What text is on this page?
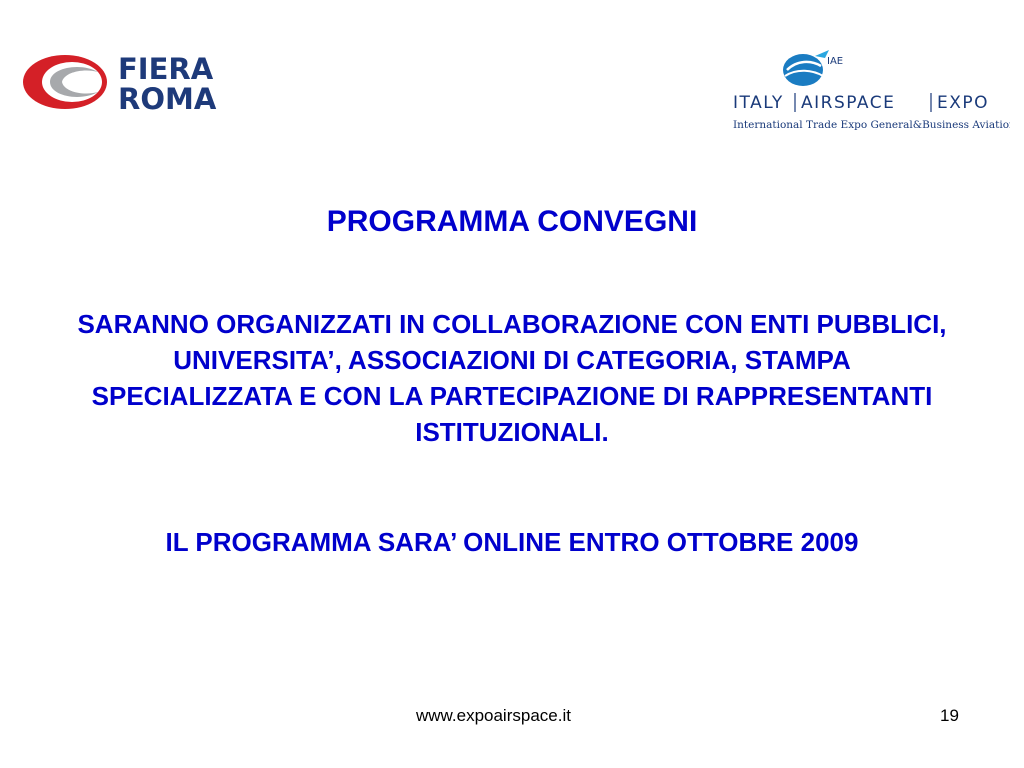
FIERA
ROMA
IAE
ITALY AIRSPACE EXPO
International Trade Expo General&Business Aviation
PROGRAMMA CONVEGNI

SARANNO ORGANIZZATI IN COLLABORAZIONE CON ENTI PUBBLICI, UNIVERSITA’, ASSOCIAZIONI DI CATEGORIA, STAMPA SPECIALIZZATA E CON LA PARTECIPAZIONE DI RAPPRESENTANTI ISTITUZIONALI.

IL PROGRAMMA SARA’ ONLINE ENTRO OTTOBRE 2009

www.expoairspace.it	19
